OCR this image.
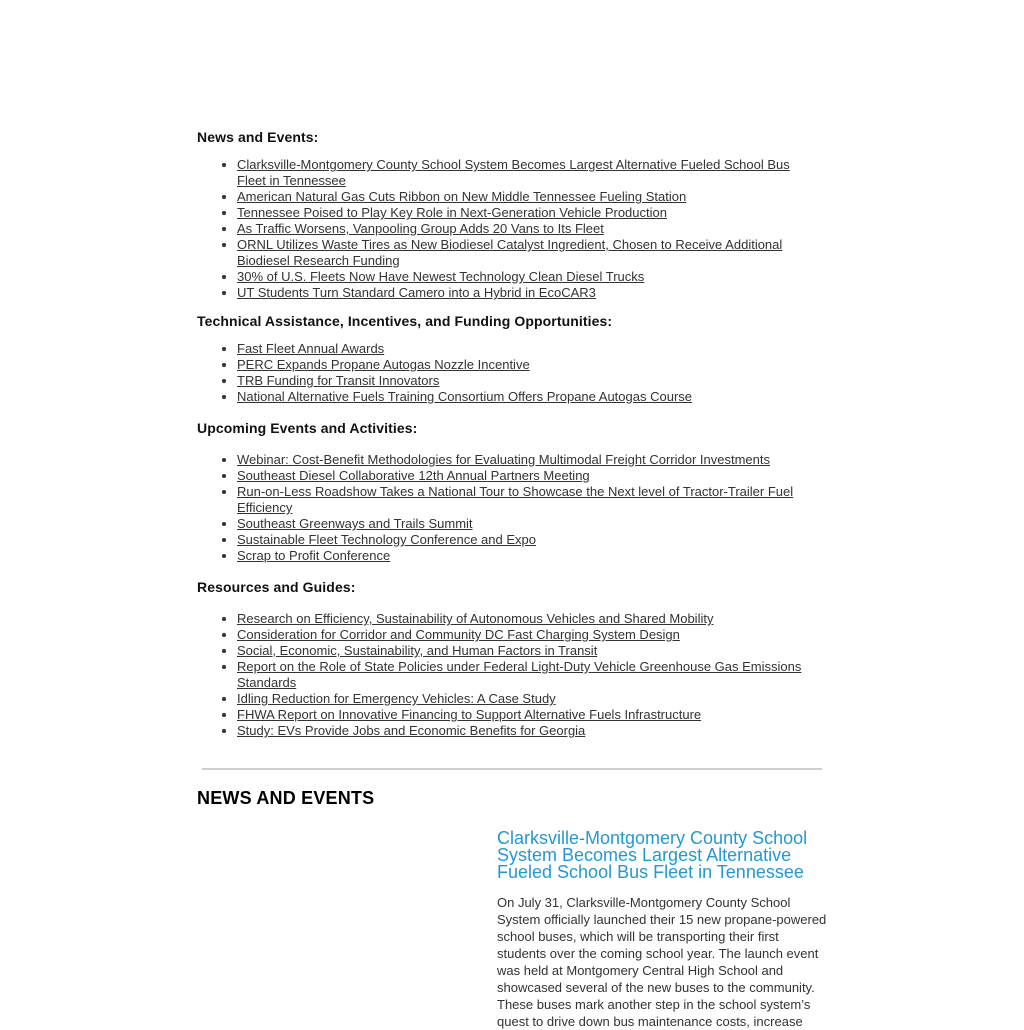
News and Events:
• Clarksville-Montgomery County School System Becomes Largest Alternative Fueled School Bus Fleet in Tennessee
• American Natural Gas Cuts Ribbon on New Middle Tennessee Fueling Station
• Tennessee Poised to Play Key Role in Next-Generation Vehicle Production
• As Traffic Worsens, Vanpooling Group Adds 20 Vans to Its Fleet
• ORNL Utilizes Waste Tires as New Biodiesel Catalyst Ingredient, Chosen to Receive Additional Biodiesel Research Funding
• 30% of U.S. Fleets Now Have Newest Technology Clean Diesel Trucks
• UT Students Turn Standard Camero into a Hybrid in EcoCAR3
Technical Assistance, Incentives, and Funding Opportunities:
• Fast Fleet Annual Awards
• PERC Expands Propane Autogas Nozzle Incentive
• TRB Funding for Transit Innovators
• National Alternative Fuels Training Consortium Offers Propane Autogas Course
Upcoming Events and Activities:
• Webinar: Cost-Benefit Methodologies for Evaluating Multimodal Freight Corridor Investments
• Southeast Diesel Collaborative 12th Annual Partners Meeting
• Run-on-Less Roadshow Takes a National Tour to Showcase the Next level of Tractor-Trailer Fuel Efficiency
• Southeast Greenways and Trails Summit
• Sustainable Fleet Technology Conference and Expo
• Scrap to Profit Conference
Resources and Guides:
• Research on Efficiency, Sustainability of Autonomous Vehicles and Shared Mobility
• Consideration for Corridor and Community DC Fast Charging System Design
• Social, Economic, Sustainability, and Human Factors in Transit
• Report on the Role of State Policies under Federal Light-Duty Vehicle Greenhouse Gas Emissions Standards
• Idling Reduction for Emergency Vehicles: A Case Study
• FHWA Report on Innovative Financing to Support Alternative Fuels Infrastructure
• Study: EVs Provide Jobs and Economic Benefits for Georgia
NEWS AND EVENTS
Clarksville-Montgomery County School System Becomes Largest Alternative Fueled School Bus Fleet in Tennessee

On July 31, Clarksville-Montgomery County School System officially launched their 15 new propane-powered school buses, which will be transporting their first students over the coming school year. The launch event was held at Montgomery Central High School and showcased several of the new buses to the community. These buses mark another step in the school system’s quest to drive down bus maintenance costs, increase
